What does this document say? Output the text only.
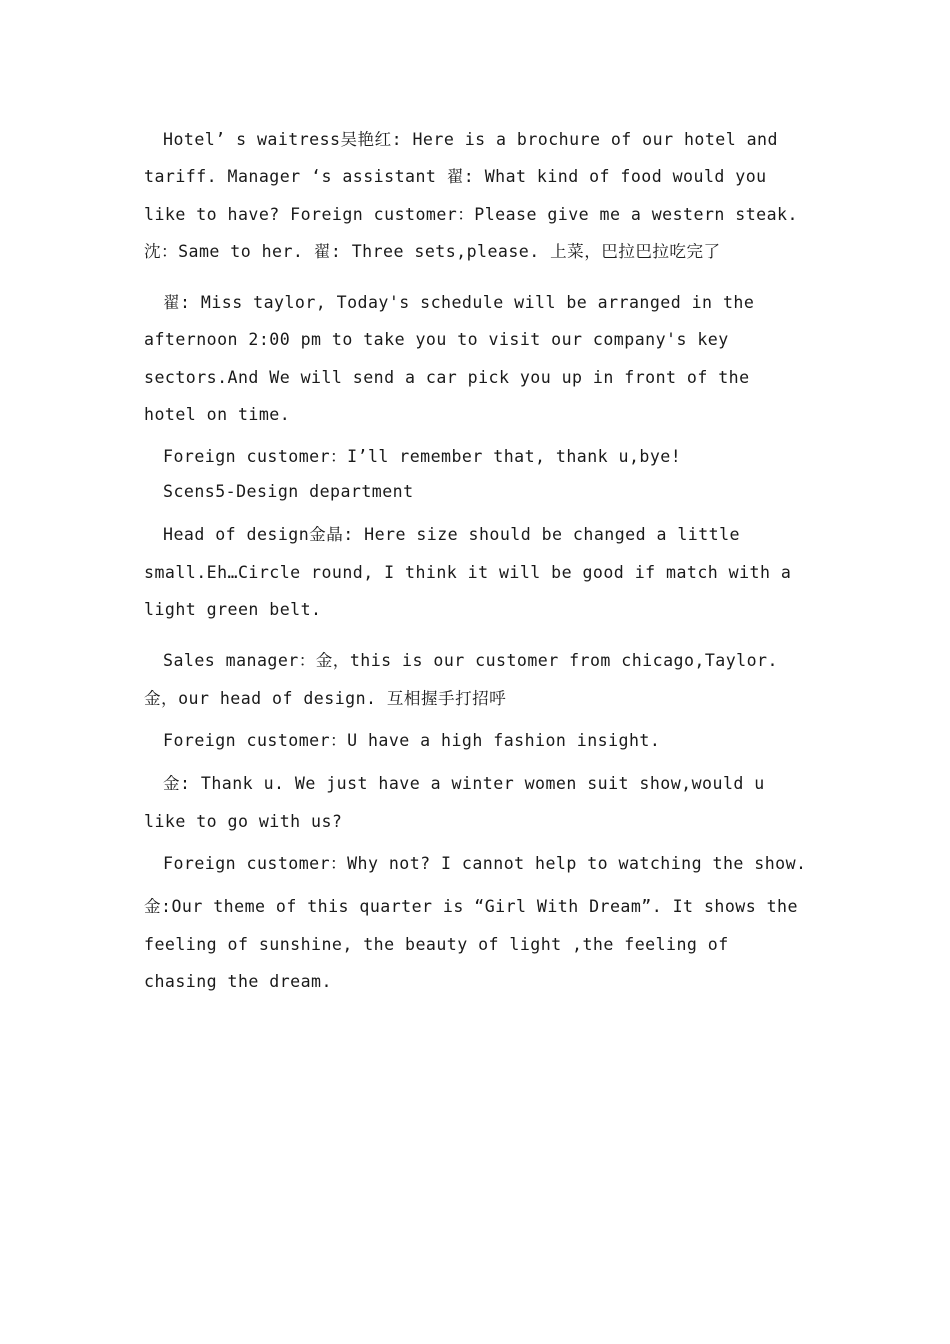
Hotel’ s waitress吴艳红: Here is a brochure of our hotel and tariff. Manager ‘s assistant 翟: What kind of food would you like to have? Foreign customer：Please give me a western steak. 沈：Same to her. 翟: Three sets,please. 上菜，巴拉巴拉吃完了

翟: Miss taylor, Today's schedule will be arranged in the afternoon 2:00 pm to take you to visit our company's key sectors.And We will send a car pick you up in front of the hotel on time.

Foreign customer：I’ll remember that, thank u,bye!

Scens5-Design department

Head of design金晶: Here size should be changed a little small.Eh…Circle round, I think it will be good if match with a light green belt.

Sales manager：金，this is our customer from chicago,Taylor. 金，our head of design. 互相握手打招呼

Foreign customer：U have a high fashion insight.

金: Thank u. We just have a winter women suit show,would u like to go with us?

Foreign customer：Why not? I cannot help to watching the show.

金:Our theme of this quarter is “Girl With Dream”. It shows the feeling of sunshine, the beauty of light ,the feeling of chasing the dream.
